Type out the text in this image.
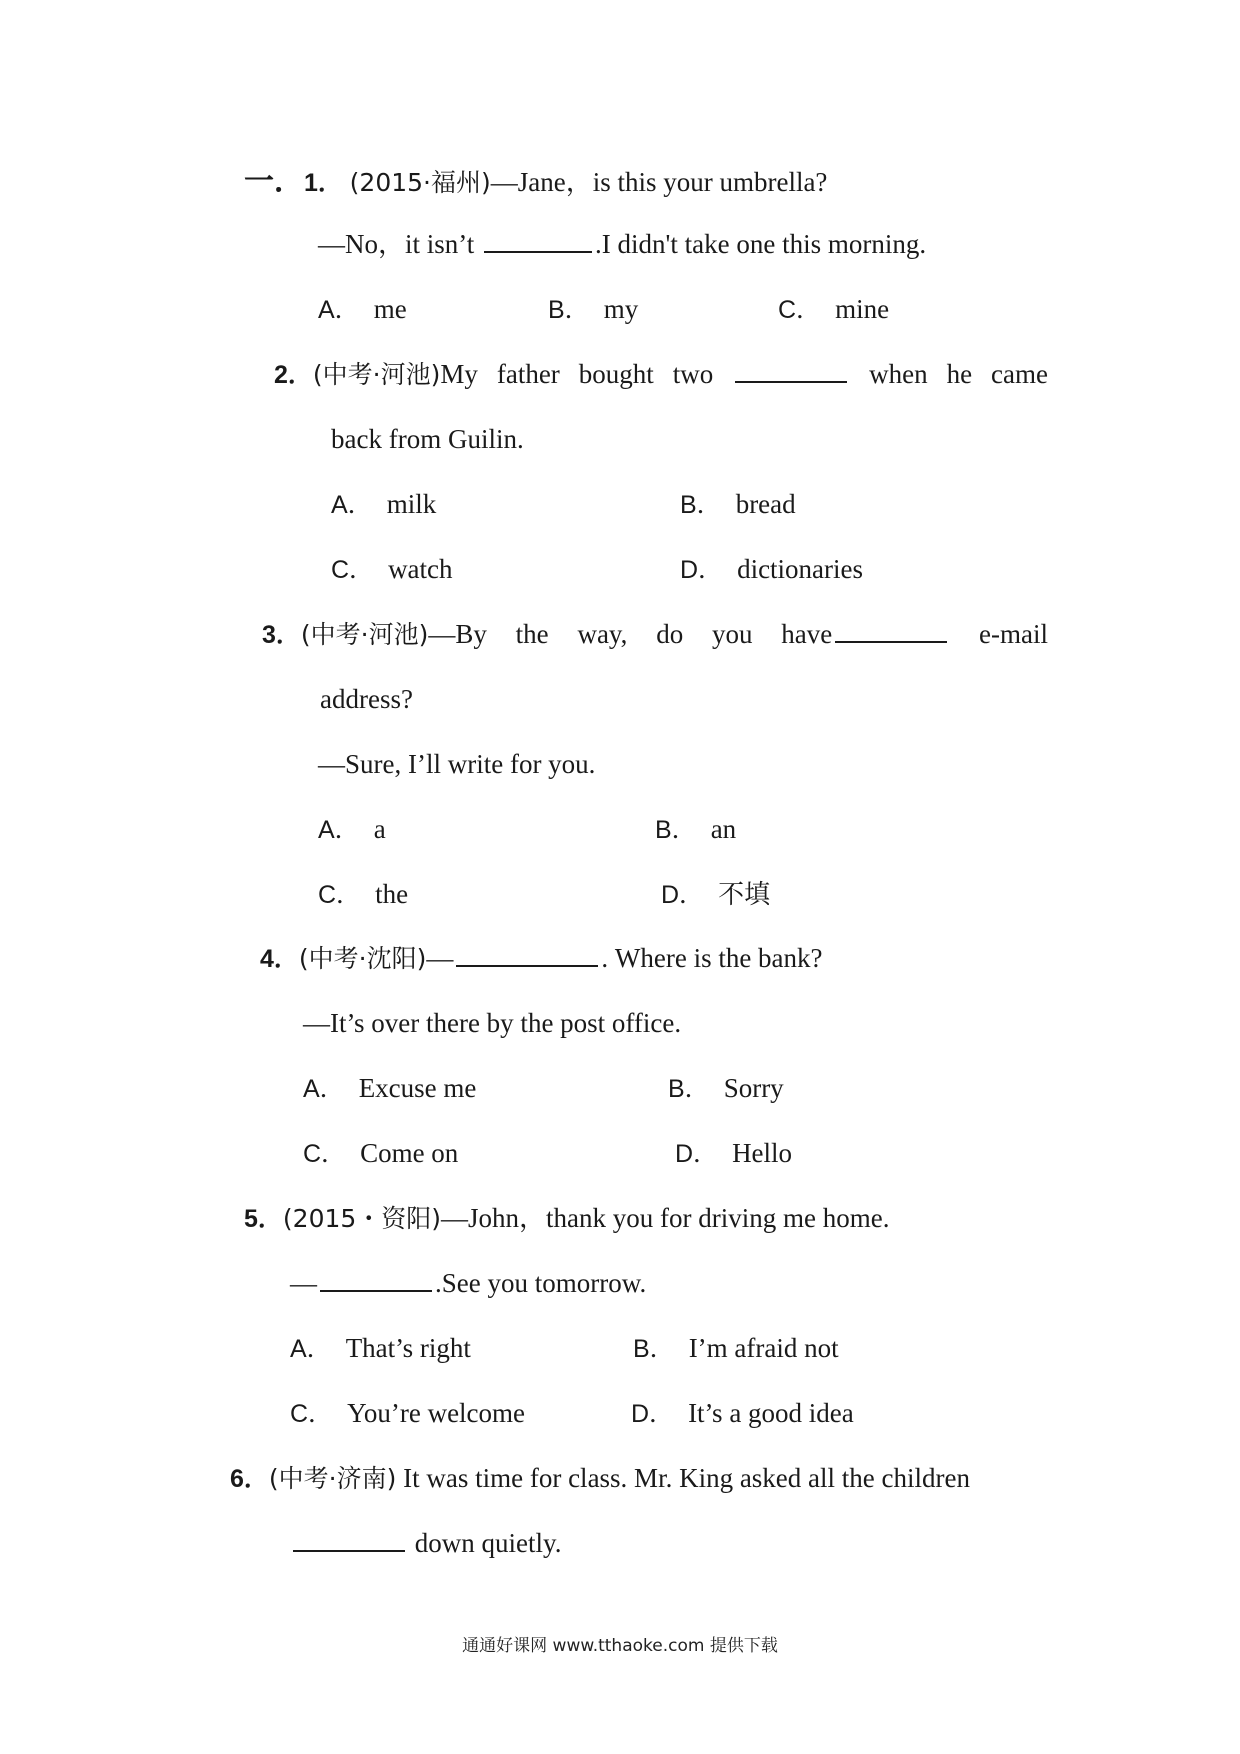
一．1． (2015·福州)—Jane，is this your umbrella?
—No，it isn’t	.I didn't take one this morning.
A． me	B． my	C． mine
2．(中考·河池)My father bought two	when he came
back from Guilin.
A． milk	B． bread
C． watch	D． dictionaries
3．(中考·河池)—By the way, do you have	e-mail
address?
—Sure, I’ll write for you.
A． a	B． an
C． the	D． 不填
4．(中考·沈阳)—	. Where is the bank?
—It’s over there by the post office.
A． Excuse me	B． Sorry
C． Come on	D． Hello
5．(2015・资阳)—John，thank you for driving me home.
—	.See you tomorrow.
A． That’s right	B． I’m afraid not
C． You’re welcome	D． It’s a good idea
6．(中考·济南) It was time for class. Mr. King asked all the children
down quietly.
通通好课网 www.tthaoke.com 提供下载
